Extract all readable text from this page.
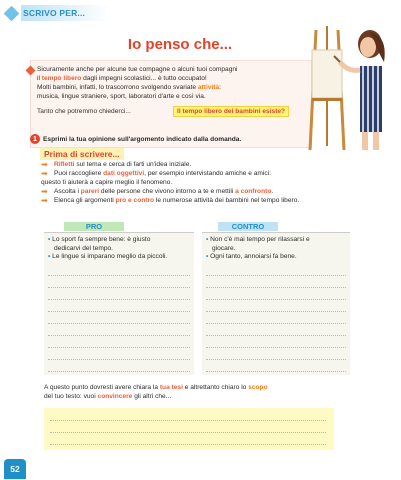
SCRIVO PER...
Io penso che...

Sicuramente anche per alcune tue compagne o alcuni tuoi compagni
il tempo libero dagli impegni scolastici... è tutto occupato!
Molti bambini, infatti, lo trascorrono svolgendo svariate attività:
musica, lingue straniere, sport, laboratori d'arte e così via.

Tanto che potremmo chiederci...	Il tempo libero dei bambini esiste?
1 Esprimi la tua opinione sull'argomento indicato dalla domanda.
Prima di scrivere...
➡ Rifletti sul tema e cerca di farti un'idea iniziale.
➡ Puoi raccogliere dati oggettivi, per esempio intervistando amiche e amici:
questo ti aiuterà a capire meglio il fenomeno.
➡ Ascolta i pareri delle persone che vivono intorno a te e mettili a confronto.
➡ Elenca gli argomenti pro e contro le numerose attività dei bambini nel tempo libero.
PRO	CONTRO
• Lo sport fa sempre bene: è giusto
dedicarvi del tempo.
• Le lingue si imparano meglio da piccoli.
• Non c'è mai tempo per rilassarsi e
giocare.
• Ogni tanto, annoiarsi fa bene.
A questo punto dovresti avere chiara la tua tesi e altrettanto chiaro lo scopo
del tuo testo: vuoi convincere gli altri che...
52
